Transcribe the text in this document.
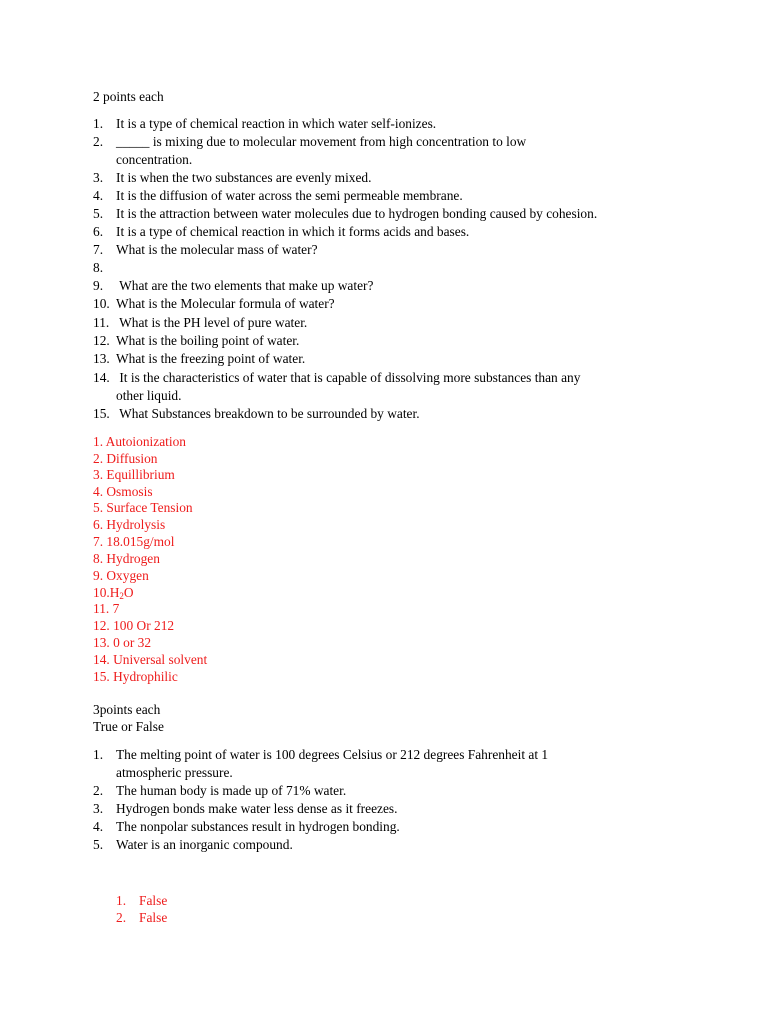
2 points each
1. It is a type of chemical reaction in which water self-ionizes.
2. _____ is mixing due to molecular movement from high concentration to low
concentration.
3. It is when the two substances are evenly mixed.
4. It is the diffusion of water across the semi permeable membrane.
5. It is the attraction between water molecules due to hydrogen bonding caused by cohesion.
6. It is a type of chemical reaction in which it forms acids and bases.
7. What is the molecular mass of water?
8.
9. What are the two elements that make up water?
10. What is the Molecular formula of water?
11. What is the PH level of pure water.
12. What is the boiling point of water.
13. What is the freezing point of water.
14. It is the characteristics of water that is capable of dissolving more substances than any
other liquid.
15. What Substances breakdown to be surrounded by water.
1. Autoionization
2. Diffusion
3. Equillibrium
4. Osmosis
5. Surface Tension
6. Hydrolysis
7. 18.015g/mol
8. Hydrogen
9. Oxygen
$10.H_2O$
11. 7
12. 100 Or 212
13. 0 or 32
14. Universal solvent
15. Hydrophilic
3points each
True or False
1. The melting point of water is 100 degrees Celsius or 212 degrees Fahrenheit at 1
atmospheric pressure.
2. The human body is made up of 71% water.
3. Hydrogen bonds make water less dense as it freezes.
4. The nonpolar substances result in hydrogen bonding.
5. Water is an inorganic compound.
1. False
2. False
